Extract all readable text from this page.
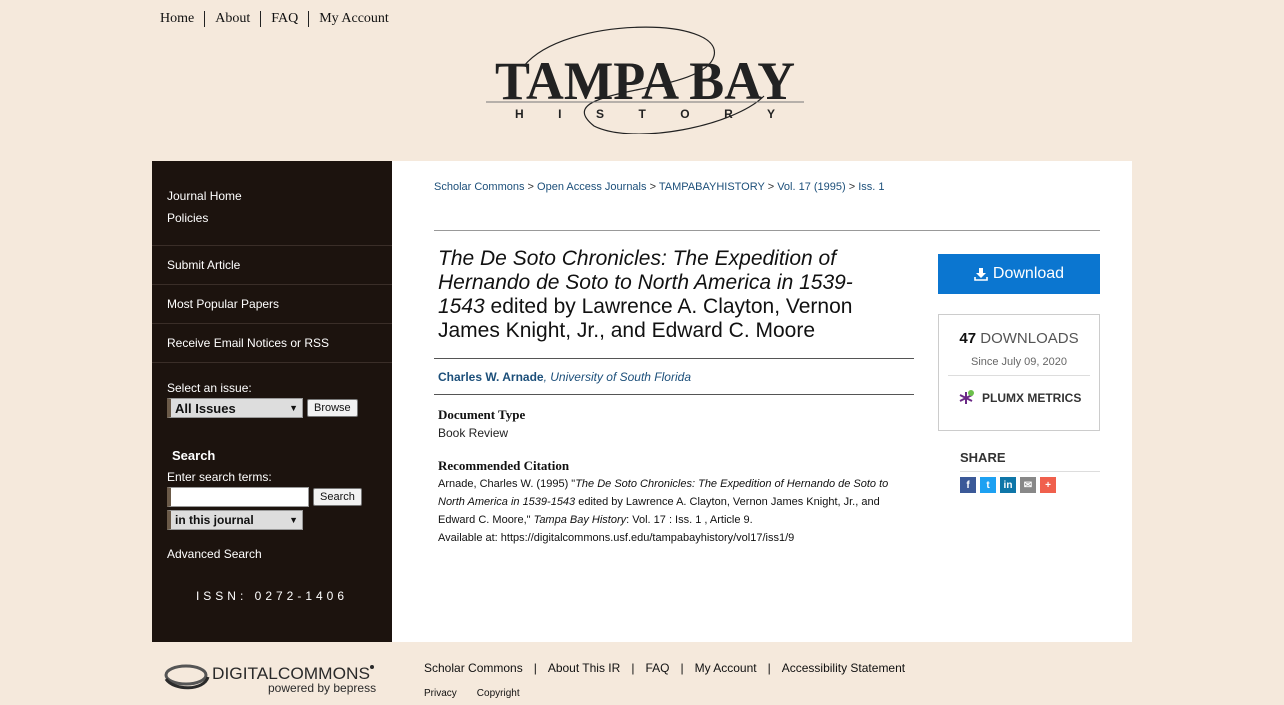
Home	About	FAQ	My Account
TAMPA BAY
H I S T O R Y
Journal Home
Policies
Submit Article
Most Popular Papers
Receive Email Notices or RSS
Select an issue:
All Issues	▼	Browse
Search
Enter search terms:
Search
in this journal	▼
Advanced Search
ISSN: 0272-1406
Scholar Commons > Open Access Journals > TAMPABAYHISTORY > Vol. 17 (1995) > Iss. 1
The De Soto Chronicles: The Expedition of Hernando de Soto to North America in 1539-1543 edited by Lawrence A. Clayton, Vernon James Knight, Jr., and Edward C. Moore
Charles W. Arnade, University of South Florida
Document Type
Book Review
Recommended Citation
Arnade, Charles W. (1995) "The De Soto Chronicles: The Expedition of Hernando de Soto to North America in 1539-1543 edited by Lawrence A. Clayton, Vernon James Knight, Jr., and Edward C. Moore," Tampa Bay History: Vol. 17 : Iss. 1 , Article 9.
Available at: https://digitalcommons.usf.edu/tampabayhistory/vol17/iss1/9
Download
47 DOWNLOADS
Since July 09, 2020
PLUMX METRICS
SHARE
f	t	in	✉	+
DIGITALCOMMONS
powered by bepress
Scholar Commons | About This IR | FAQ | My Account | Accessibility Statement
Privacy Copyright
